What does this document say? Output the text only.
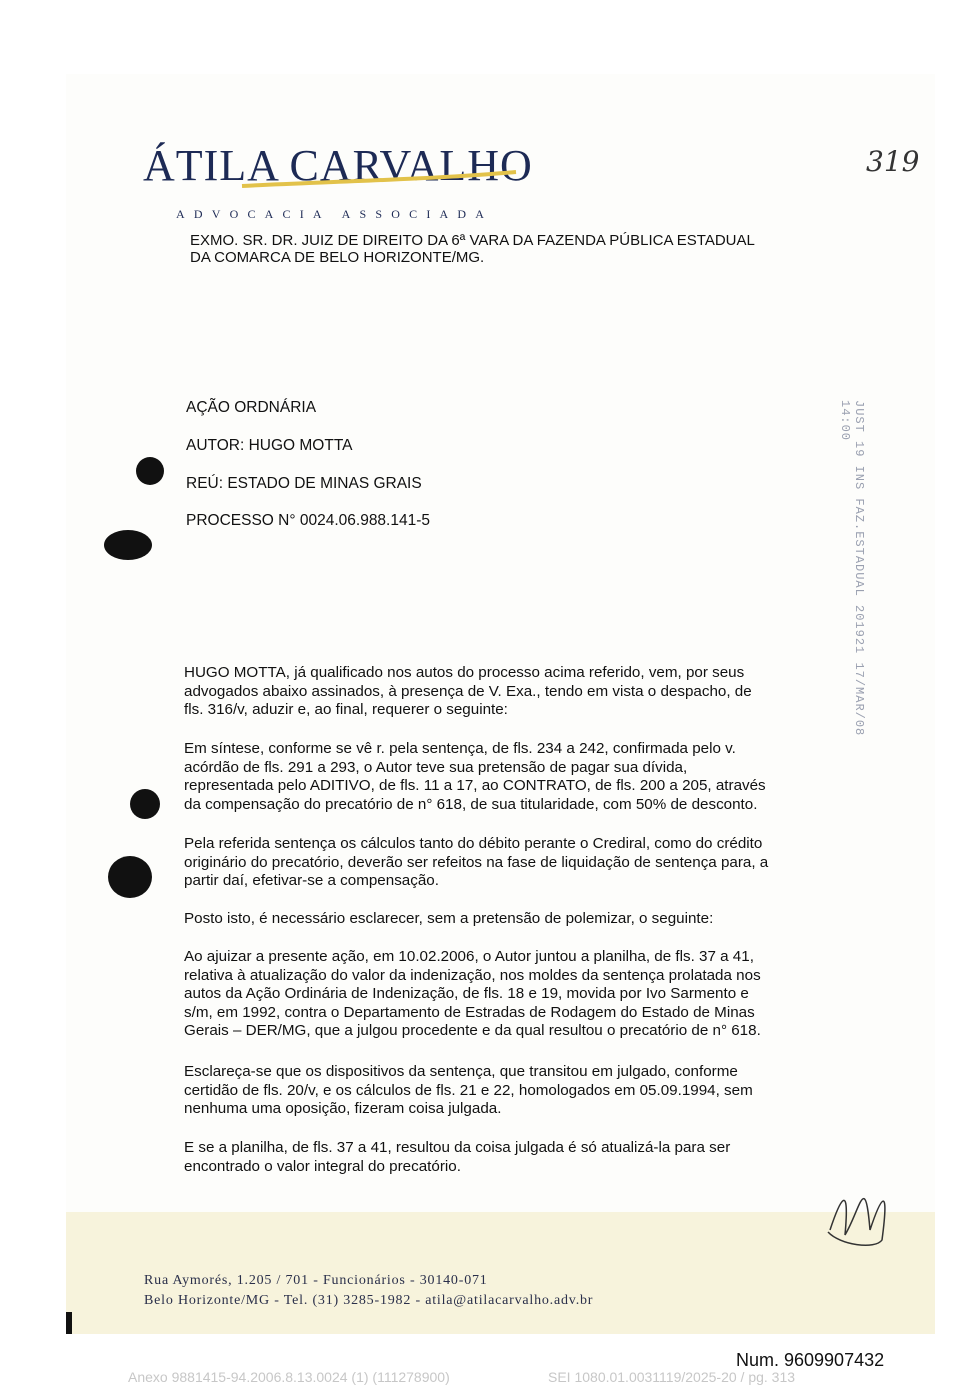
ÁTILA CARVALHO
ADVOCACIA ASSOCIADA
319
EXMO. SR. DR. JUIZ DE DIREITO DA 6ª VARA DA FAZENDA PÚBLICA ESTADUAL
DA COMARCA DE BELO HORIZONTE/MG.
AÇÃO ORDNÁRIA
AUTOR: HUGO MOTTA
REÚ: ESTADO DE MINAS GRAIS
PROCESSO N° 0024.06.988.141-5	JUST 19 INS FAZ.ESTADUAL 201921 17/MAR/08 14:00
HUGO MOTTA, já qualificado nos autos do processo acima referido, vem, por seus
advogados abaixo assinados, à presença de V. Exa., tendo em vista o despacho, de
fls. 316/v, aduzir e, ao final, requerer o seguinte:
Em síntese, conforme se vê r. pela sentença, de fls. 234 a 242, confirmada pelo v.
acórdão de fls. 291 a 293, o Autor teve sua pretensão de pagar sua dívida,
representada pelo ADITIVO, de fls. 11 a 17, ao CONTRATO, de fls. 200 a 205, através
da compensação do precatório de n° 618, de sua titularidade, com 50% de desconto.
Pela referida sentença os cálculos tanto do débito perante o Crediral, como do crédito
originário do precatório, deverão ser refeitos na fase de liquidação de sentença para, a
partir daí, efetivar-se a compensação.
Posto isto, é necessário esclarecer, sem a pretensão de polemizar, o seguinte:
Ao ajuizar a presente ação, em 10.02.2006, o Autor juntou a planilha, de fls. 37 a 41,
relativa à atualização do valor da indenização, nos moldes da sentença prolatada nos
autos da Ação Ordinária de Indenização, de fls. 18 e 19, movida por Ivo Sarmento e
s/m, em 1992, contra o Departamento de Estradas de Rodagem do Estado de Minas
Gerais – DER/MG, que a julgou procedente e da qual resultou o precatório de n° 618.
Esclareça-se que os dispositivos da sentença, que transitou em julgado, conforme
certidão de fls. 20/v, e os cálculos de fls. 21 e 22, homologados em 05.09.1994, sem
nenhuma uma oposição, fizeram coisa julgada.
E se a planilha, de fls. 37 a 41, resultou da coisa julgada é só atualizá-la para ser
encontrado o valor integral do precatório.
Rua Aymorés, 1.205 / 701 - Funcionários - 30140-071
Belo Horizonte/MG - Tel. (31) 3285-1982 - atila@atilacarvalho.adv.br
Num. 9609907432
Anexo 9881415-94.2006.8.13.0024 (1) (111278900)	SEI 1080.01.0031119/2025-20 / pg. 313
